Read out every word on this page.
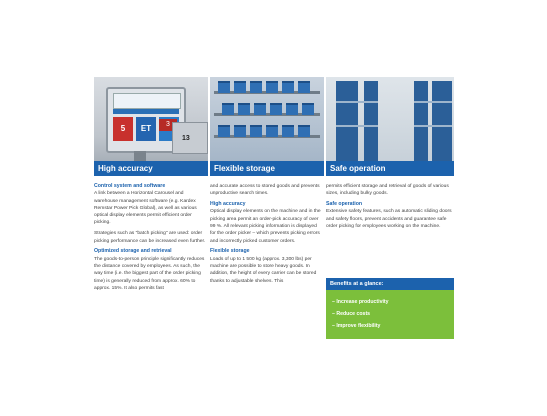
5	ET	3
13
High accuracy	Flexible storage	Safe operation
Control system and software

A link between a Horizontal Carousel and warehouse management software (e.g. Kardex Remstar Power Pick Global), as well as various optical display elements permit efficient order picking.

Strategies such as "batch picking" are used: order picking performance can be increased even further.

Optimized storage and retrieval

The goods-to-person principle significantly reduces the distance covered by employees. As such, the way time (i.e. the biggest part of the order picking time) is generally reduced from approx. 60% to approx. 15%. It also permits fast

and accurate access to stored goods and prevents unproductive search times.

High accuracy

Optical display elements on the machine and in the picking area permit an order-pick accuracy of over 99 %. All relevant picking information is displayed for the order picker – which prevents picking errors and incorrectly picked customer orders.

Flexible storage

Loads of up to 1 500 kg (approx. 3,300 lbs) per machine are possible to store heavy goods. In addition, the height of every carrier can be stored thanks to adjustable shelves. This

permits efficient storage and retrieval of goods of various sizes, including bulky goods.

Safe operation

Extensive safety features, such as automatic sliding doors and safety floors, prevent accidents and guarantee safe order picking for employees working on the machine.

Benefits at a glance:
– Increase productivity
– Reduce costs
– Improve flexibility
